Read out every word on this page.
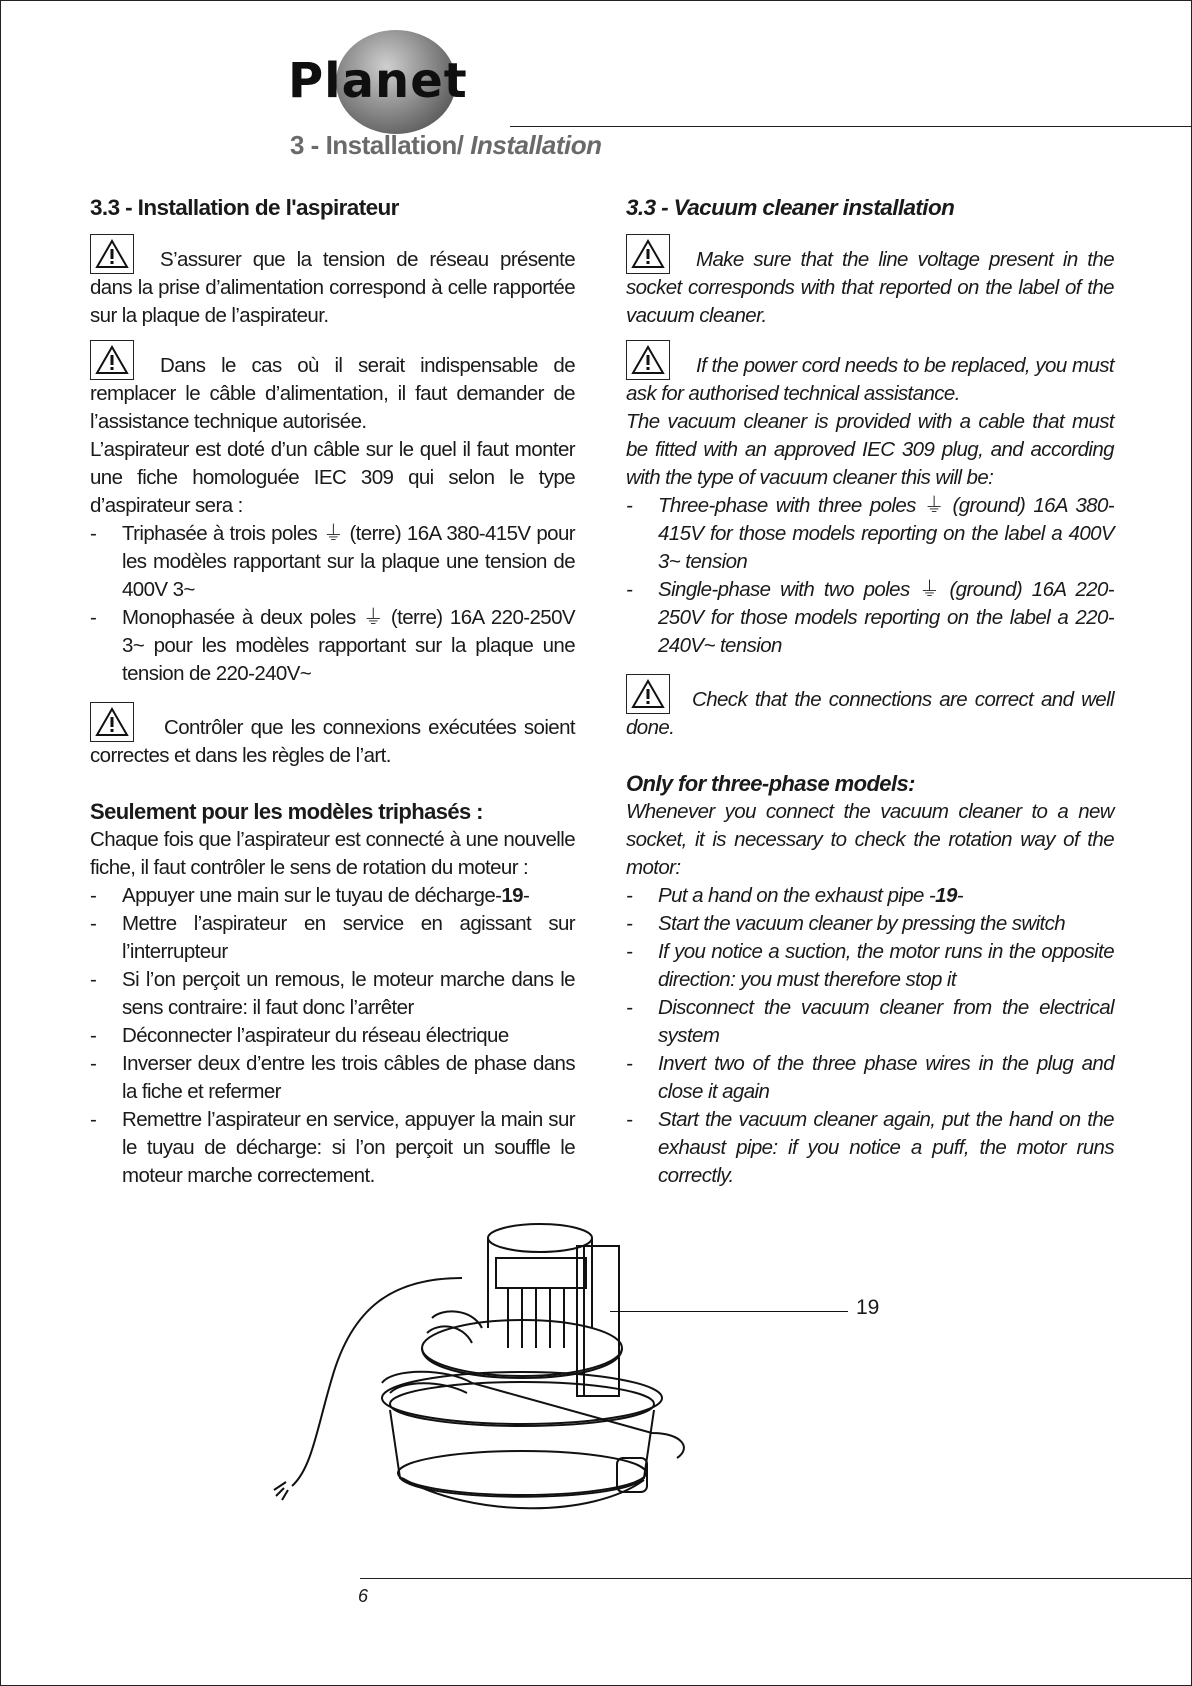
Planet
3 - Installation/ Installation
3.3 - Installation de l'aspirateur

S’assurer que la tension de réseau présente dans la prise d’alimentation correspond à celle rapportée sur la plaque de l’aspirateur.

Dans le cas où il serait indispensable de remplacer le câble d’alimentation, il faut demander de l’assistance technique autorisée.

L’aspirateur est doté d’un câble sur le quel il faut monter une fiche homologuée IEC 309 qui selon le type d’aspirateur sera :

- Triphasée à trois poles ⏚ (terre) 16A 380-415V pour les modèles rapportant sur la plaque une tension de 400V 3~
- Monophasée à deux poles ⏚ (terre) 16A 220-250V 3~ pour les modèles rapportant sur la plaque une tension de 220-240V~

Contrôler que les connexions exécutées soient correctes et dans les règles de l’art.

Seulement pour les modèles triphasés :

Chaque fois que l’aspirateur est connecté à une nouvelle fiche, il faut contrôler le sens de rotation du moteur :

- Appuyer une main sur le tuyau de décharge-19-
- Mettre l’aspirateur en service en agissant sur l’interrupteur
- Si l’on perçoit un remous, le moteur marche dans le sens contraire: il faut donc l’arrêter
- Déconnecter l’aspirateur du réseau électrique
- Inverser deux d’entre les trois câbles de phase dans la fiche et refermer
- Remettre l’aspirateur en service, appuyer la main sur le tuyau de décharge: si l’on perçoit un souffle le moteur marche correctement.
3.3 - Vacuum cleaner installation

Make sure that the line voltage present in the socket corresponds with that reported on the label of the vacuum cleaner.

If the power cord needs to be replaced, you must ask for authorised technical assistance.

The vacuum cleaner is provided with a cable that must be fitted with an approved IEC 309 plug, and according with the type of vacuum cleaner this will be:

- Three-phase with three poles ⏚ (ground) 16A 380-415V for those models reporting on the label a 400V 3~ tension
- Single-phase with two poles ⏚ (ground) 16A 220-250V for those models reporting on the label a 220-240V~ tension

Check that the connections are correct and well done.

Only for three-phase models:

Whenever you connect the vacuum cleaner to a new socket, it is necessary to check the rotation way of the motor:

- Put a hand on the exhaust pipe -19-
- Start the vacuum cleaner by pressing the switch
- If you notice a suction, the motor runs in the opposite direction: you must therefore stop it
- Disconnect the vacuum cleaner from the electrical system
- Invert two of the three phase wires in the plug and close it again
- Start the vacuum cleaner again, put the hand on the exhaust pipe: if you notice a puff, the motor runs correctly.
19
6
